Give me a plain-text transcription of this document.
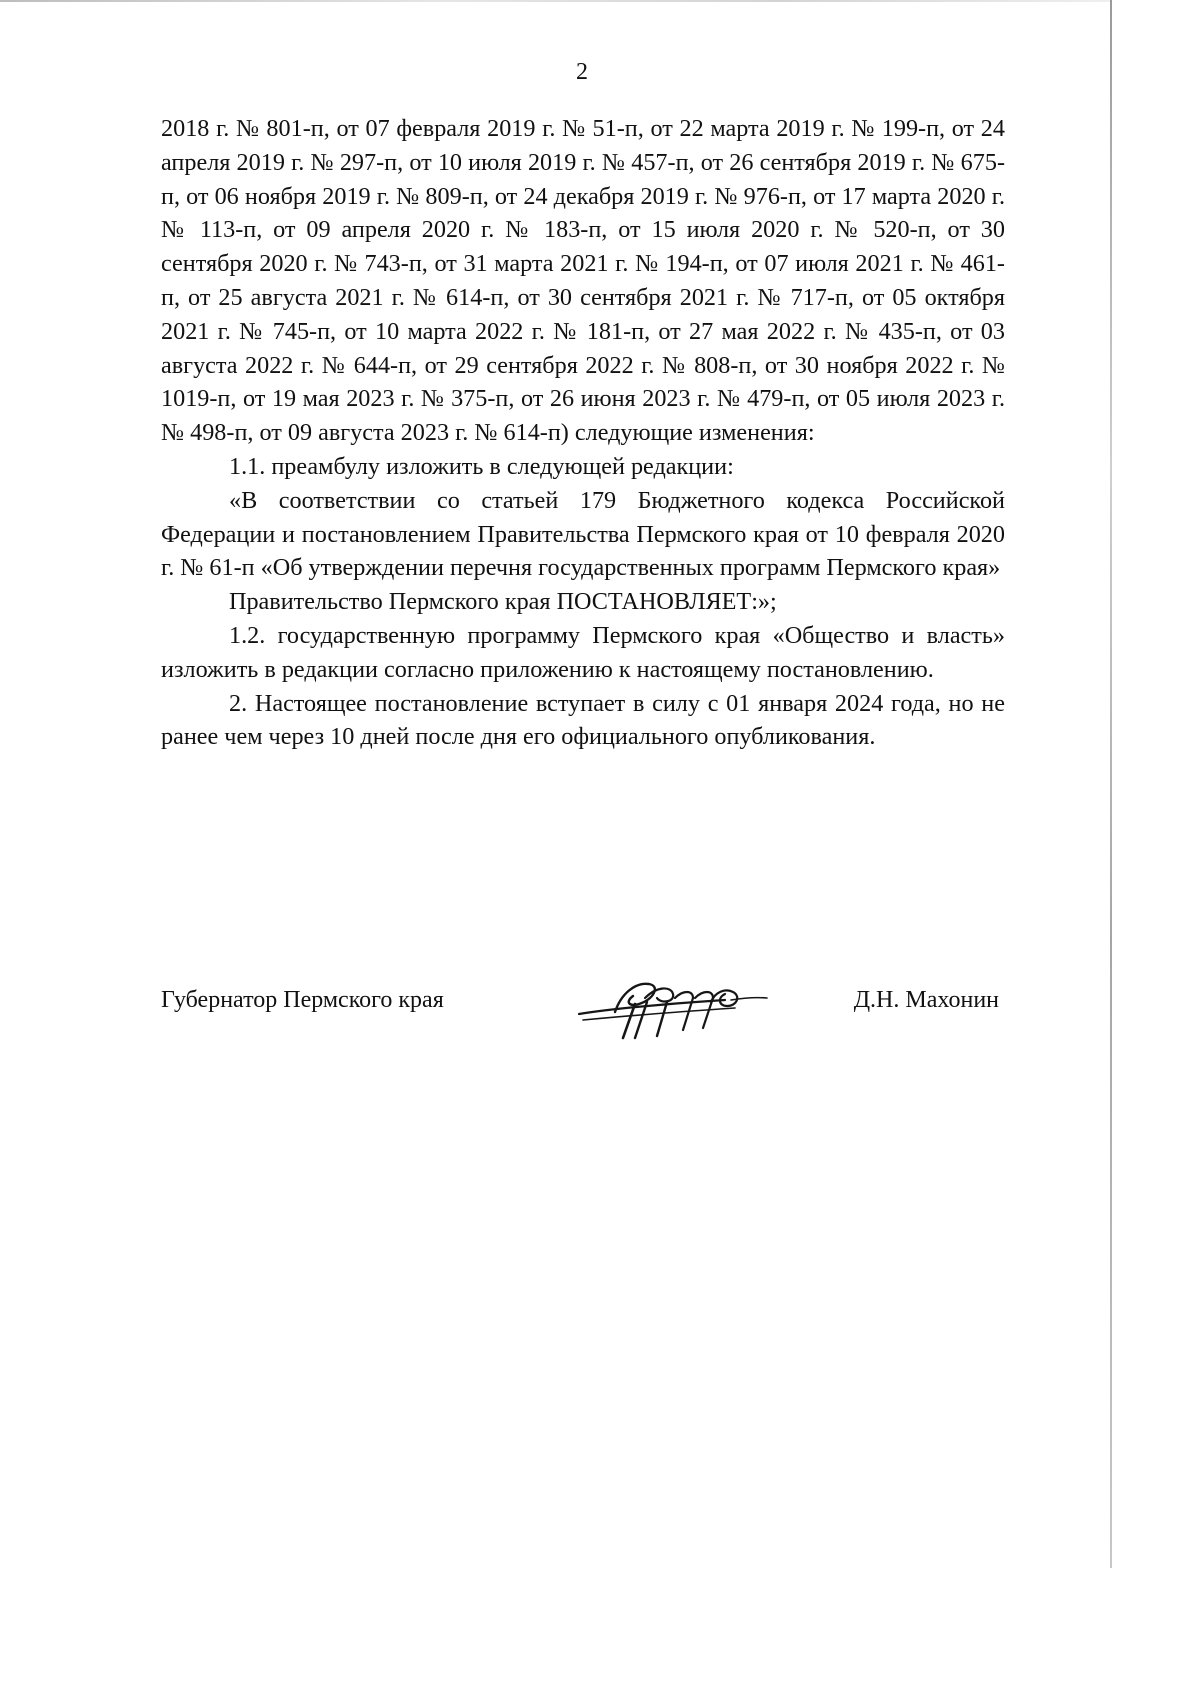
2

2018 г. № 801-п, от 07 февраля 2019 г. № 51-п, от 22 марта 2019 г. № 199-п, от 24 апреля 2019 г. № 297-п, от 10 июля 2019 г. № 457-п, от 26 сентября 2019 г. № 675-п, от 06 ноября 2019 г. № 809-п, от 24 декабря 2019 г. № 976-п, от 17 марта 2020 г. № 113-п, от 09 апреля 2020 г. № 183-п, от 15 июля 2020 г. № 520-п, от 30 сентября 2020 г. № 743-п, от 31 марта 2021 г. № 194-п, от 07 июля 2021 г. № 461-п, от 25 августа 2021 г. № 614-п, от 30 сентября 2021 г. № 717-п, от 05 октября 2021 г. № 745-п, от 10 марта 2022 г. № 181-п, от 27 мая 2022 г. № 435-п, от 03 августа 2022 г. № 644-п, от 29 сентября 2022 г. № 808-п, от 30 ноября 2022 г. № 1019-п, от 19 мая 2023 г. № 375-п, от 26 июня 2023 г. № 479-п, от 05 июля 2023 г. № 498-п, от 09 августа 2023 г. № 614-п) следующие изменения:

1.1. преамбулу изложить в следующей редакции:

«В соответствии со статьей 179 Бюджетного кодекса Российской Федерации и постановлением Правительства Пермского края от 10 февраля 2020 г. № 61-п «Об утверждении перечня государственных программ Пермского края»

Правительство Пермского края ПОСТАНОВЛЯЕТ:»;

1.2. государственную программу Пермского края «Общество и власть» изложить в редакции согласно приложению к настоящему постановлению.

2. Настоящее постановление вступает в силу с 01 января 2024 года, но не ранее чем через 10 дней после дня его официального опубликования.

Губернатор Пермского края	Д.Н. Махонин
